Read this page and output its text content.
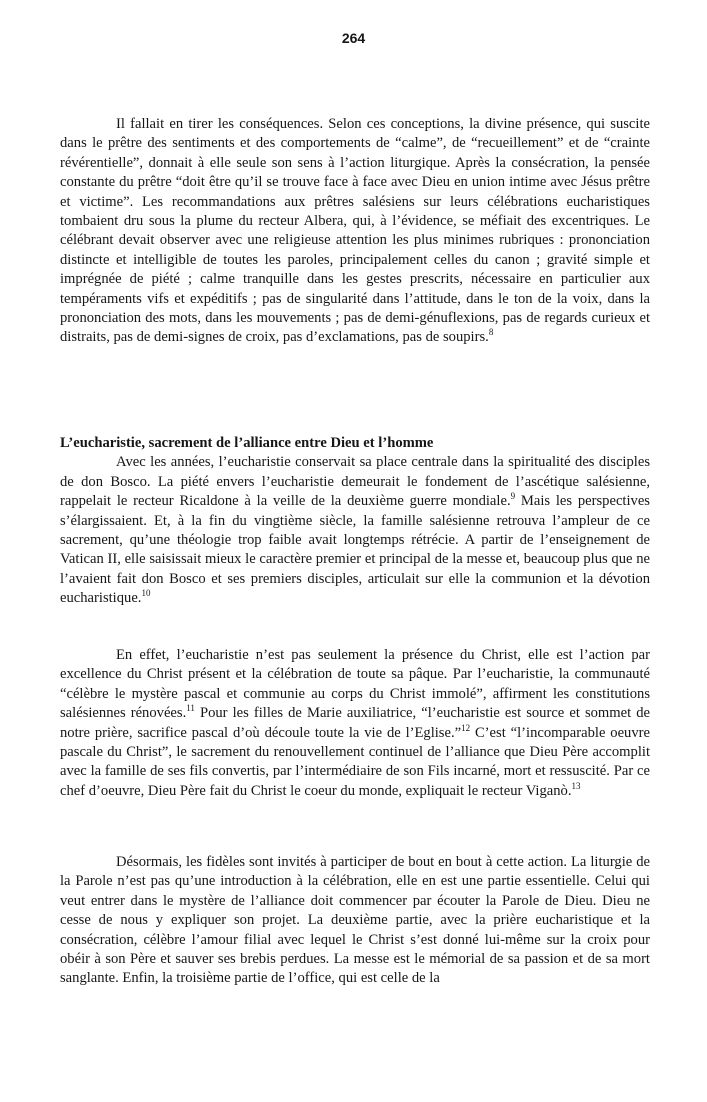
264

Il fallait en tirer les conséquences. Selon ces conceptions, la divine présence, qui suscite dans le prêtre des sentiments et des comportements de “calme”, de “recueillement” et de “crainte révérentielle”, donnait à elle seule son sens à l’action liturgique. Après la consécration, la pensée constante du prêtre “doit être qu’il se trouve face à face avec Dieu en union intime avec Jésus prêtre et victime”. Les recommandations aux prêtres salésiens sur leurs célébrations eucharistiques tombaient dru sous la plume du recteur Albera, qui, à l’évidence, se méfiait des excentriques. Le célébrant devait observer avec une religieuse attention les plus minimes rubriques : prononciation distincte et intelligible de toutes les paroles, principalement celles du canon ; gravité simple et imprégnée de piété ; calme tranquille dans les gestes prescrits, nécessaire en particulier aux tempéraments vifs et expéditifs ; pas de singularité dans l’attitude, dans le ton de la voix, dans la prononciation des mots, dans les mouvements ; pas de demi-génuflexions, pas de regards curieux et distraits, pas de demi-signes de croix, pas d’exclamations, pas de soupirs.$^8$

L’eucharistie, sacrement de l’alliance entre Dieu et l’homme

Avec les années, l’eucharistie conservait sa place centrale dans la spiritualité des disciples de don Bosco. La piété envers l’eucharistie demeurait le fondement de l’ascétique salésienne, rappelait le recteur Ricaldone à la veille de la deuxième guerre mondiale.$^9$ Mais les perspectives s’élargissaient. Et, à la fin du vingtième siècle, la famille salésienne retrouva l’ampleur de ce sacrement, qu’une théologie trop faible avait longtemps rétrécie. A partir de l’enseignement de Vatican II, elle saisissait mieux le caractère premier et principal de la messe et, beaucoup plus que ne l’avaient fait don Bosco et ses premiers disciples, articulait sur elle la communion et la dévotion eucharistique.$^{10}$

En effet, l’eucharistie n’est pas seulement la présence du Christ, elle est l’action par excellence du Christ présent et la célébration de toute sa pâque. Par l’eucharistie, la communauté “célèbre le mystère pascal et communie au corps du Christ immolé”, affirment les constitutions salésiennes rénovées.$^{11}$ Pour les filles de Marie auxiliatrice, “l’eucharistie est source et sommet de notre prière, sacrifice pascal d’où découle toute la vie de l’Eglise.”$^{12}$ C’est “l’incomparable oeuvre pascale du Christ”, le sacrement du renouvellement continuel de l’alliance que Dieu Père accomplit avec la famille de ses fils convertis, par l’intermédiaire de son Fils incarné, mort et ressuscité. Par ce chef d’oeuvre, Dieu Père fait du Christ le coeur du monde, expliquait le recteur Viganò.$^{13}$

Désormais, les fidèles sont invités à participer de bout en bout à cette action. La liturgie de la Parole n’est pas qu’une introduction à la célébration, elle en est une partie essentielle. Celui qui veut entrer dans le mystère de l’alliance doit commencer par écouter la Parole de Dieu. Dieu ne cesse de nous y expliquer son projet. La deuxième partie, avec la prière eucharistique et la consécration, célèbre l’amour filial avec lequel le Christ s’est donné lui-même sur la croix pour obéir à son Père et sauver ses brebis perdues. La messe est le mémorial de sa passion et de sa mort sanglante. Enfin, la troisième partie de l’office, qui est celle de la
